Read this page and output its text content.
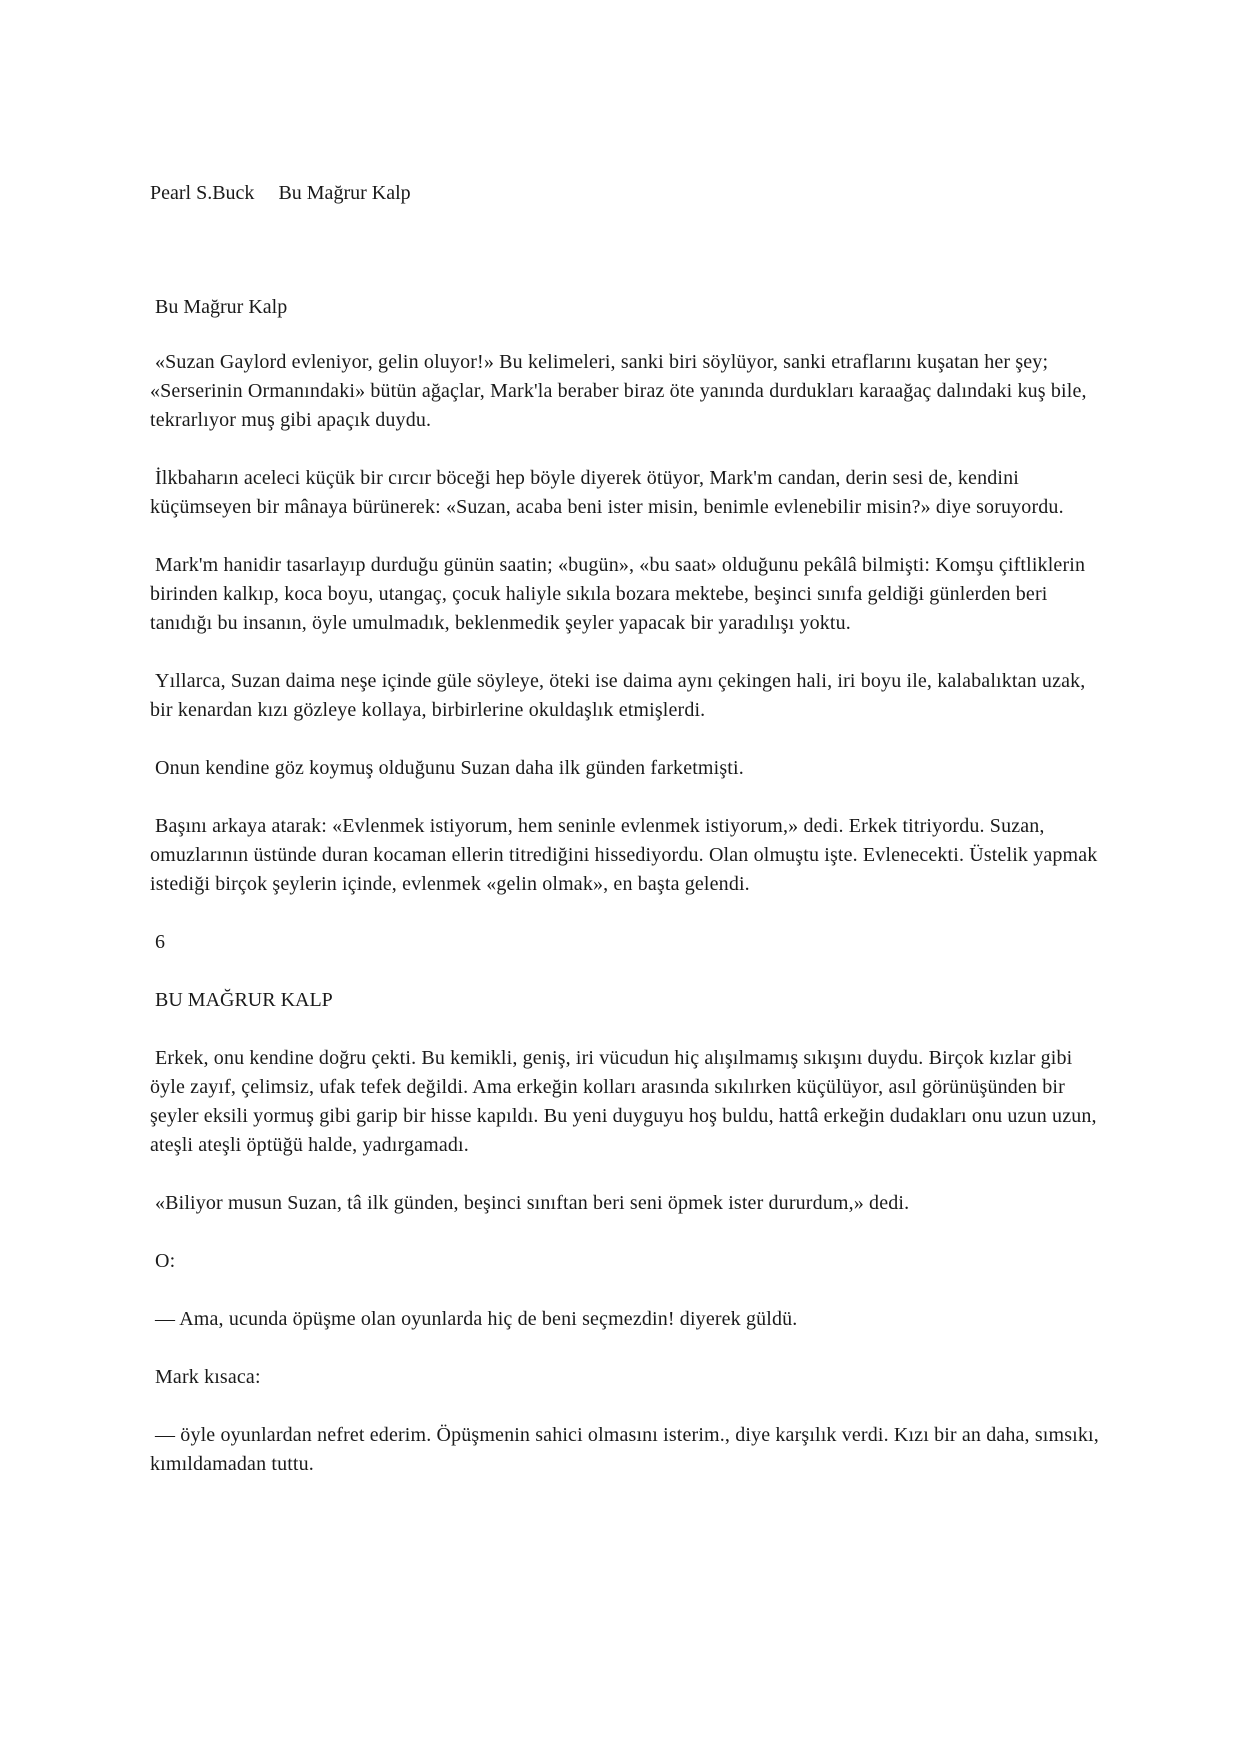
Pearl S.Buck Bu Mağrur Kalp
Bu Mağrur Kalp

«Suzan Gaylord evleniyor, gelin oluyor!» Bu kelimeleri, sanki biri söylüyor, sanki etraflarını kuşatan her şey; «Serserinin Ormanındaki» bütün ağaçlar, Mark'la beraber biraz öte yanında durdukları karaağaç dalındaki kuş bile, tekrarlıyor muş gibi apaçık duydu.

İlkbaharın aceleci küçük bir cırcır böceği hep böyle diyerek ötüyor, Mark'm candan, derin sesi de, kendini küçümseyen bir mânaya bürünerek: «Suzan, acaba beni ister misin, benimle evlenebilir misin?» diye soruyordu.

Mark'm hanidir tasarlayıp durduğu günün saatin; «bugün», «bu saat» olduğunu pekâlâ bilmişti: Komşu çiftliklerin birinden kalkıp, koca boyu, utangaç, çocuk haliyle sıkıla bozara mektebe, beşinci sınıfa geldiği günlerden beri tanıdığı bu insanın, öyle umulmadık, beklenmedik şeyler yapacak bir yaradılışı yoktu.

Yıllarca, Suzan daima neşe içinde güle söyleye, öteki ise daima aynı çekingen hali, iri boyu ile, kalabalıktan uzak, bir kenardan kızı gözleye kollaya, birbirlerine okuldaşlık etmişlerdi.

Onun kendine göz koymuş olduğunu Suzan daha ilk günden farketmişti.

Başını arkaya atarak: «Evlenmek istiyorum, hem seninle evlenmek istiyorum,» dedi. Erkek titriyordu. Suzan, omuzlarının üstünde duran kocaman ellerin titrediğini hissediyordu. Olan olmuştu işte. Evlenecekti. Üstelik yapmak istediği birçok şeylerin içinde, evlenmek «gelin olmak», en başta gelendi.

6
BU MAĞRUR KALP

Erkek, onu kendine doğru çekti. Bu kemikli, geniş, iri vücudun hiç alışılmamış sıkışını duydu. Birçok kızlar gibi öyle zayıf, çelimsiz, ufak tefek değildi. Ama erkeğin kolları arasında sıkılırken küçülüyor, asıl görünüşünden bir şeyler eksili yormuş gibi garip bir hisse kapıldı. Bu yeni duyguyu hoş buldu, hattâ erkeğin dudakları onu uzun uzun, ateşli ateşli öptüğü halde, yadırgamadı.

«Biliyor musun Suzan, tâ ilk günden, beşinci sınıftan beri seni öpmek ister dururdum,» dedi.

O:

— Ama, ucunda öpüşme olan oyunlarda hiç de beni seçmezdin! diyerek güldü.

Mark kısaca:

— öyle oyunlardan nefret ederim. Öpüşmenin sahici olmasını isterim., diye karşılık verdi. Kızı bir an daha, sımsıkı, kımıldamadan tuttu.
